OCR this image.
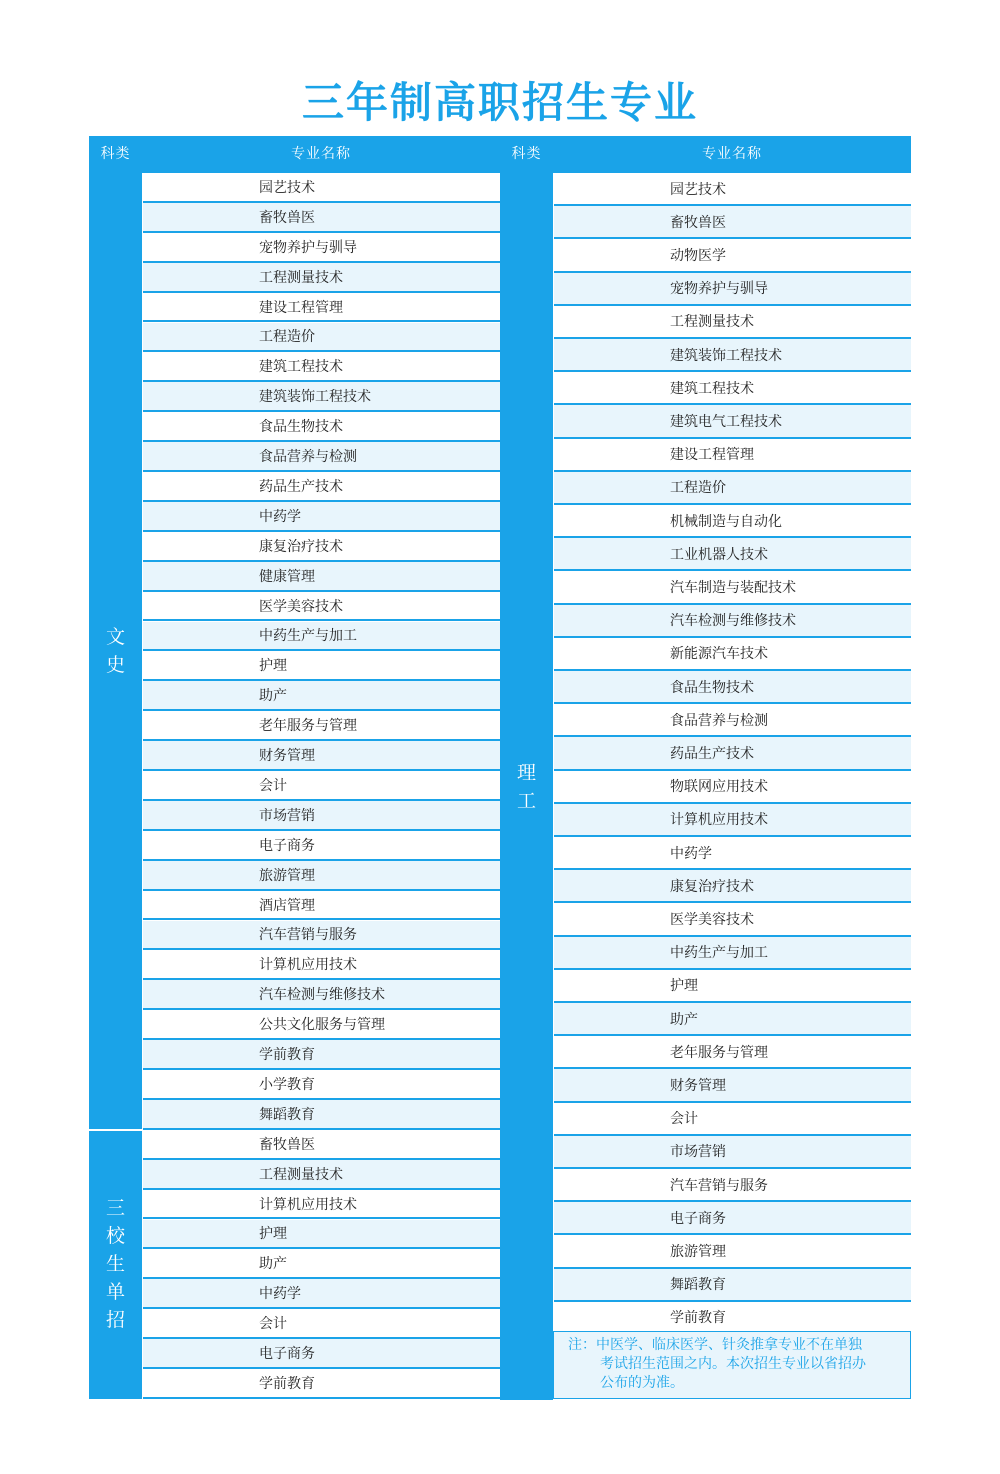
三年制高职招生专业
科类	专业名称
文
史
三
校
生
单
招
园艺技术
畜牧兽医
宠物养护与驯导
工程测量技术
建设工程管理
工程造价
建筑工程技术
建筑装饰工程技术
食品生物技术
食品营养与检测
药品生产技术
中药学
康复治疗技术
健康管理
医学美容技术
中药生产与加工
护理
助产
老年服务与管理
财务管理
会计
市场营销
电子商务
旅游管理
酒店管理
汽车营销与服务
计算机应用技术
汽车检测与维修技术
公共文化服务与管理
学前教育
小学教育
舞蹈教育
畜牧兽医
工程测量技术
计算机应用技术
护理
助产
中药学
会计
电子商务
学前教育
科类	专业名称
理
工
园艺技术
畜牧兽医
动物医学
宠物养护与驯导
工程测量技术
建筑装饰工程技术
建筑工程技术
建筑电气工程技术
建设工程管理
工程造价
机械制造与自动化
工业机器人技术
汽车制造与装配技术
汽车检测与维修技术
新能源汽车技术
食品生物技术
食品营养与检测
药品生产技术
物联网应用技术
计算机应用技术
中药学
康复治疗技术
医学美容技术
中药生产与加工
护理
助产
老年服务与管理
财务管理
会计
市场营销
汽车营销与服务
电子商务
旅游管理
舞蹈教育
学前教育
注：中医学、临床医学、针灸推拿专业不在单独
考试招生范围之内。本次招生专业以省招办
公布的为准。
